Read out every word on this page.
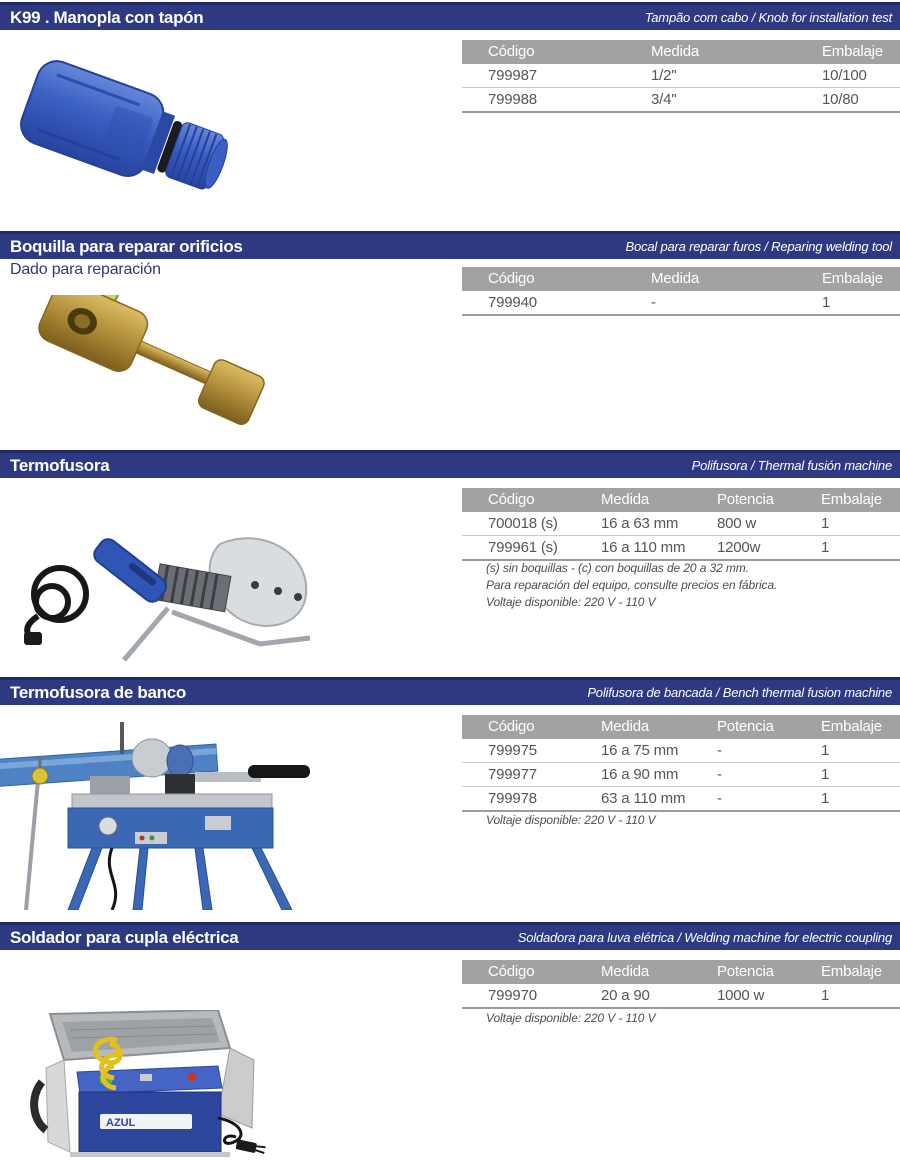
K99 . Manopla con tapón	Tampão com cabo / Knob for installation test
Código	Medida	Embalaje
799987	1/2''	10/100
799988	3/4''	10/80
Boquilla para reparar orificios	Bocal para reparar furos / Reparing welding tool
Dado para reparación
Código	Medida	Embalaje
799940	-	1
Termofusora	Polifusora / Thermal fusión machine
Código	Medida	Potencia	Embalaje
700018 (s)	16 a 63 mm	800 w	1
799961 (s)	16 a 110 mm	1200w	1
(s) sin boquillas - (c) con boquillas de 20 a 32 mm.
Para reparación del equipo, consulte precios en fábrica.
Voltaje disponible: 220 V - 110 V
Termofusora de banco	Polifusora de bancada / Bench thermal fusion machine
Código	Medida	Potencia	Embalaje
799975	16 a 75 mm	-	1
799977	16 a 90 mm	-	1
799978	63 a 110 mm	-	1
Voltaje disponible: 220 V - 110 V
Soldador para cupla eléctrica	Soldadora para luva elétrica / Welding machine for electric coupling
Código	Medida	Potencia	Embalaje
799970	20 a 90	1000 w	1
Voltaje disponible: 220 V - 110 V
AZUL
